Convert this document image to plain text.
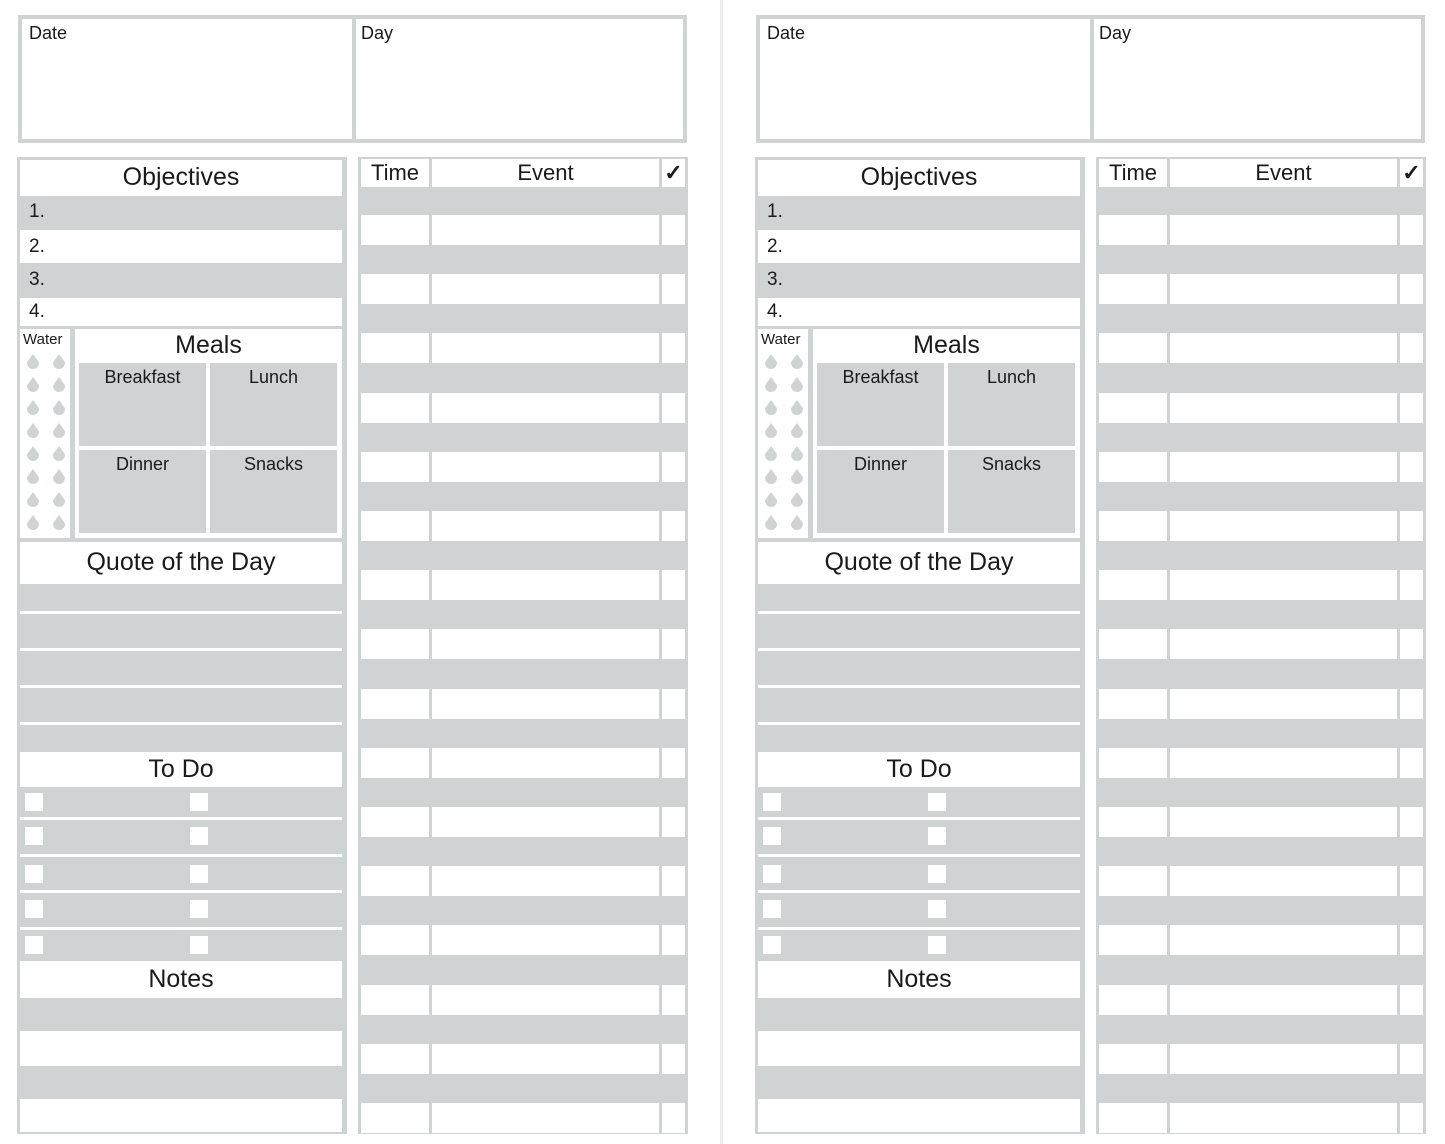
Date	Day
Objectives
1.
2.
3.
4.
Water	Meals
Breakfast	Lunch
Dinner	Snacks
Quote of the Day
To Do
Notes
Time	Event	✓
Date	Day
Objectives
1.
2.
3.
4.
Water	Meals
Breakfast	Lunch
Dinner	Snacks
Quote of the Day
To Do
Notes
Time	Event	✓
